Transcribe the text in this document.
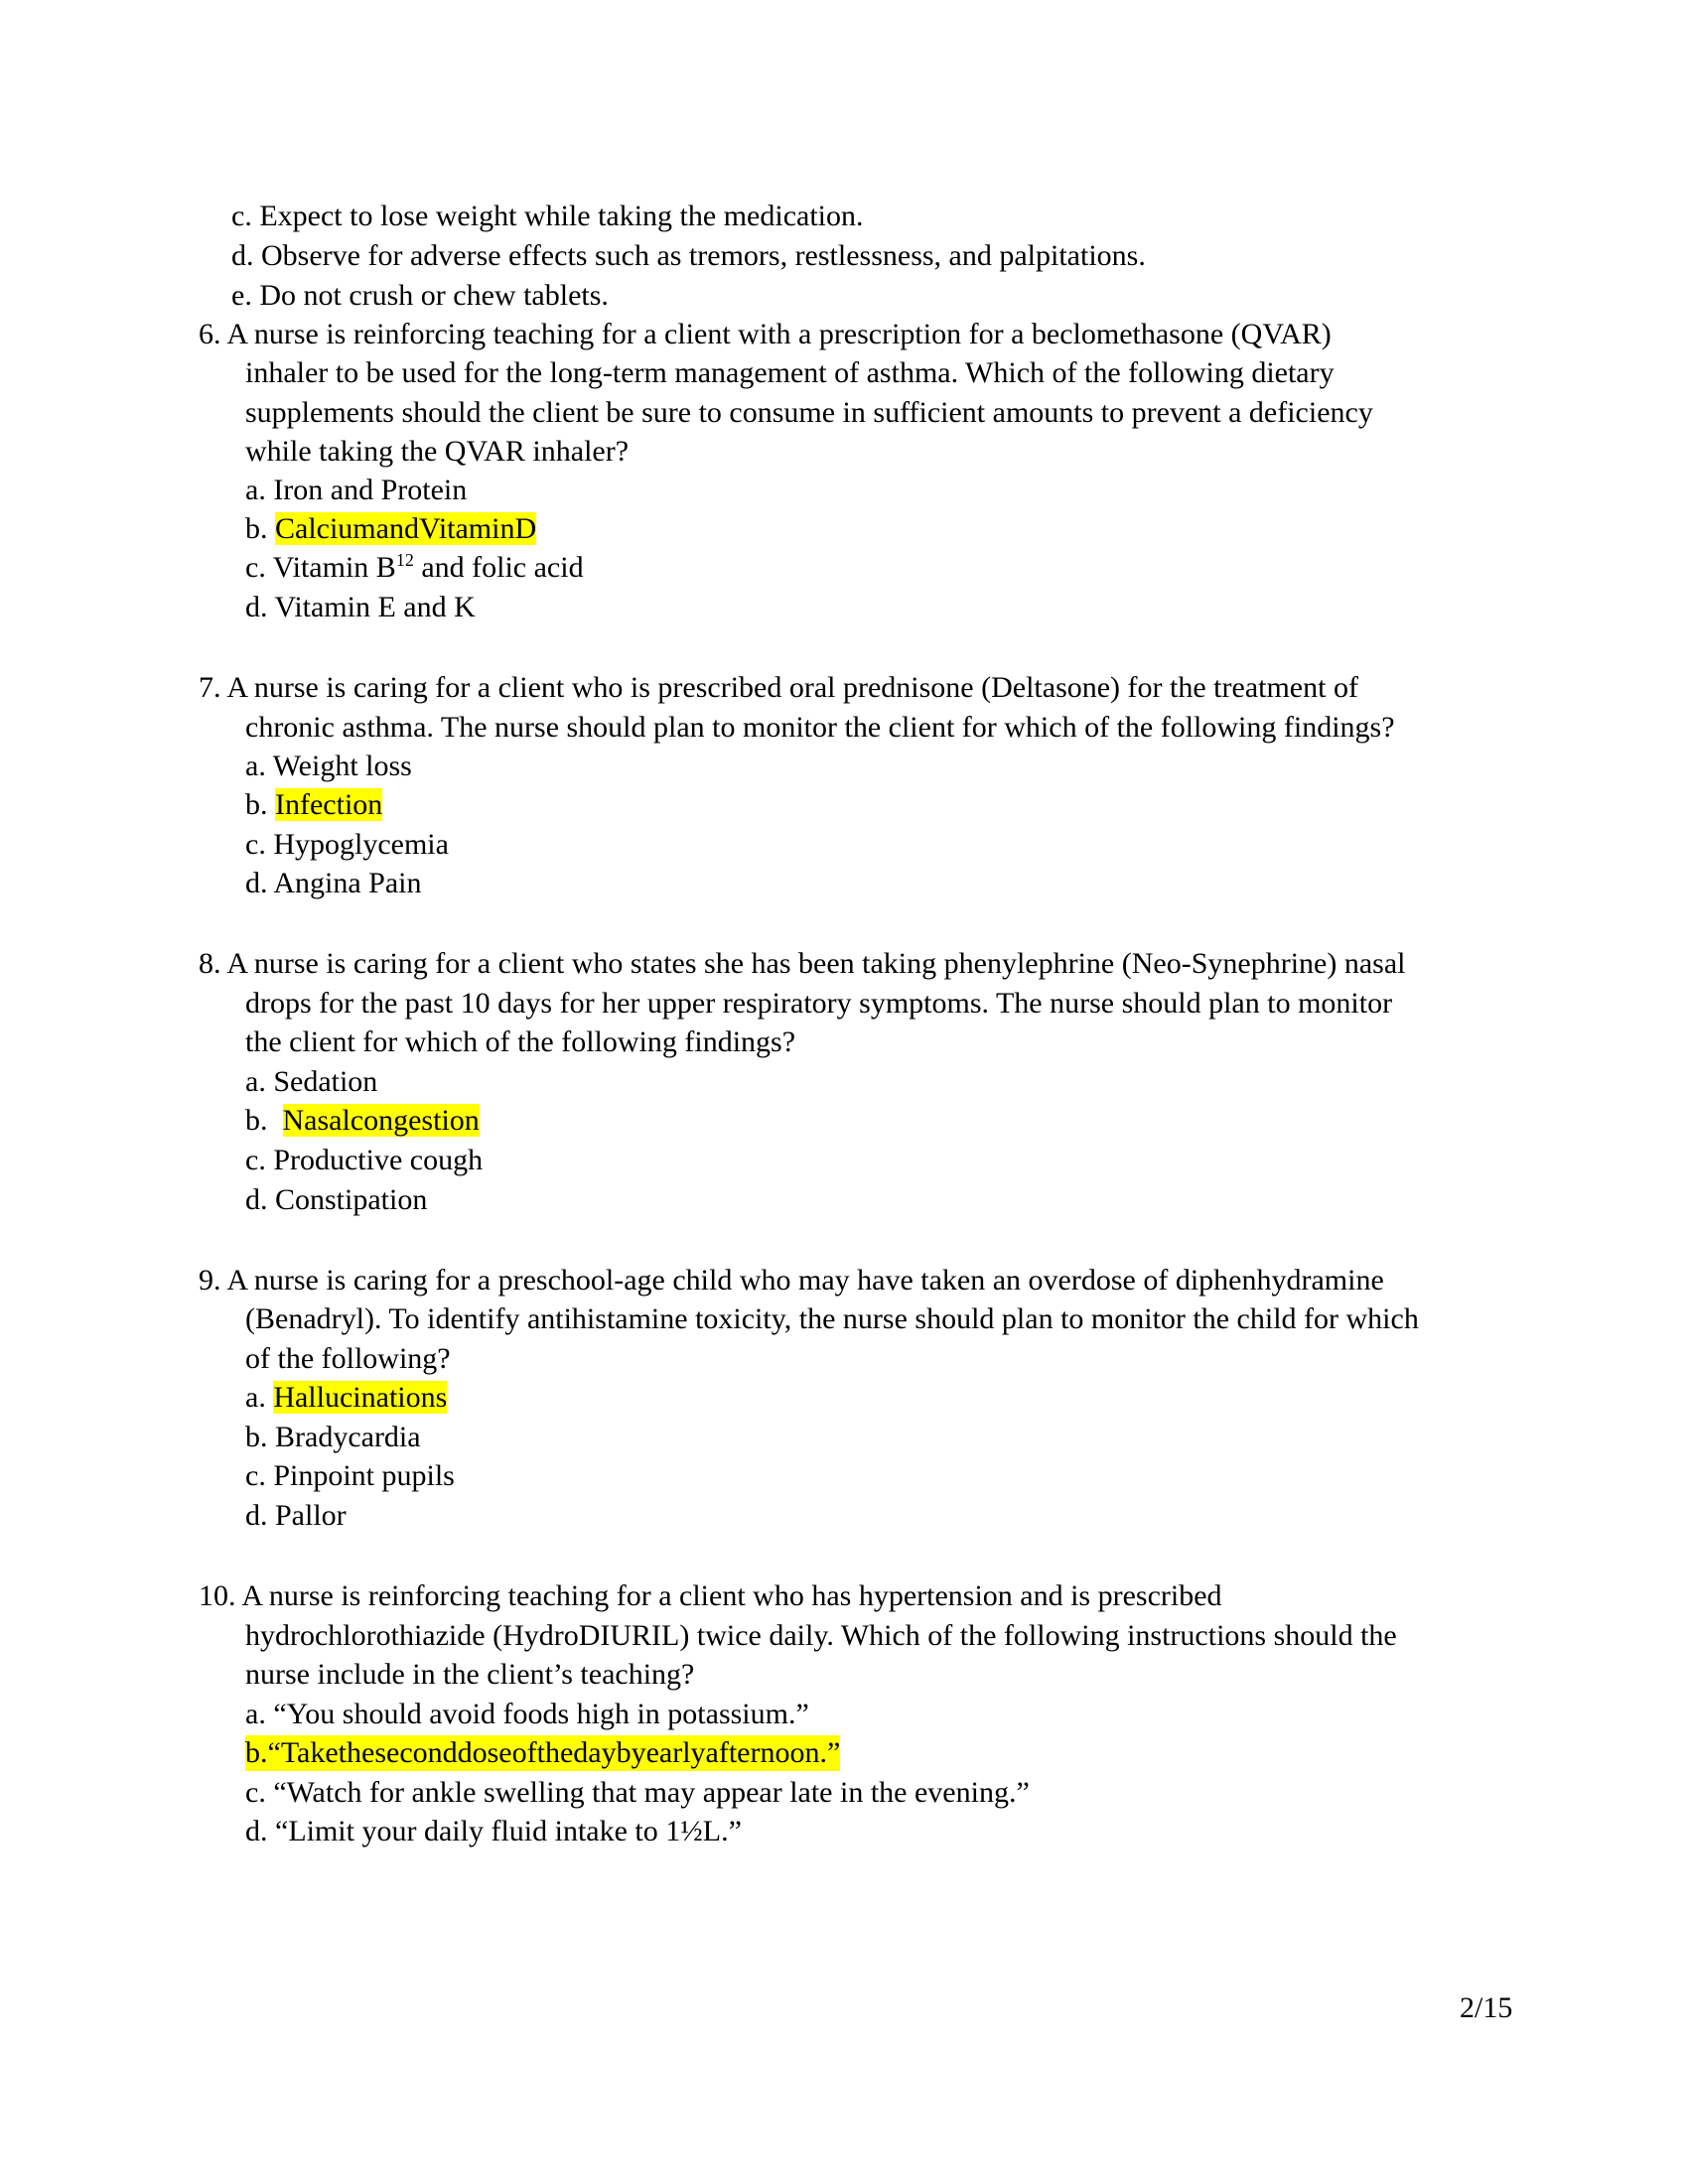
c. Expect to lose weight while taking the medication.
d. Observe for adverse effects such as tremors, restlessness, and palpitations.
e. Do not crush or chew tablets.
6. A nurse is reinforcing teaching for a client with a prescription for a beclomethasone (QVAR)
inhaler to be used for the long-term management of asthma. Which of the following dietary
supplements should the client be sure to consume in sufficient amounts to prevent a deficiency
while taking the QVAR inhaler?
a. Iron and Protein
b. CalciumandVitaminD
c. Vitamin $B^{12}$ and folic acid
d. Vitamin E and K
7. A nurse is caring for a client who is prescribed oral prednisone (Deltasone) for the treatment of
chronic asthma. The nurse should plan to monitor the client for which of the following findings?
a. Weight loss
b. Infection
c. Hypoglycemia
d. Angina Pain
8. A nurse is caring for a client who states she has been taking phenylephrine (Neo-Synephrine) nasal
drops for the past 10 days for her upper respiratory symptoms. The nurse should plan to monitor
the client for which of the following findings?
a. Sedation
b.  Nasalcongestion
c. Productive cough
d. Constipation
9. A nurse is caring for a preschool-age child who may have taken an overdose of diphenhydramine
(Benadryl). To identify antihistamine toxicity, the nurse should plan to monitor the child for which
of the following?
a. Hallucinations
b. Bradycardia
c. Pinpoint pupils
d. Pallor
10. A nurse is reinforcing teaching for a client who has hypertension and is prescribed
hydrochlorothiazide (HydroDIURIL) twice daily. Which of the following instructions should the
nurse include in the client’s teaching?
a. “You should avoid foods high in potassium.”
b.“Taketheseconddoseofthedaybyearlyafternoon.”
c. “Watch for ankle swelling that may appear late in the evening.”
d. “Limit your daily fluid intake to 1½L.”
2/15
